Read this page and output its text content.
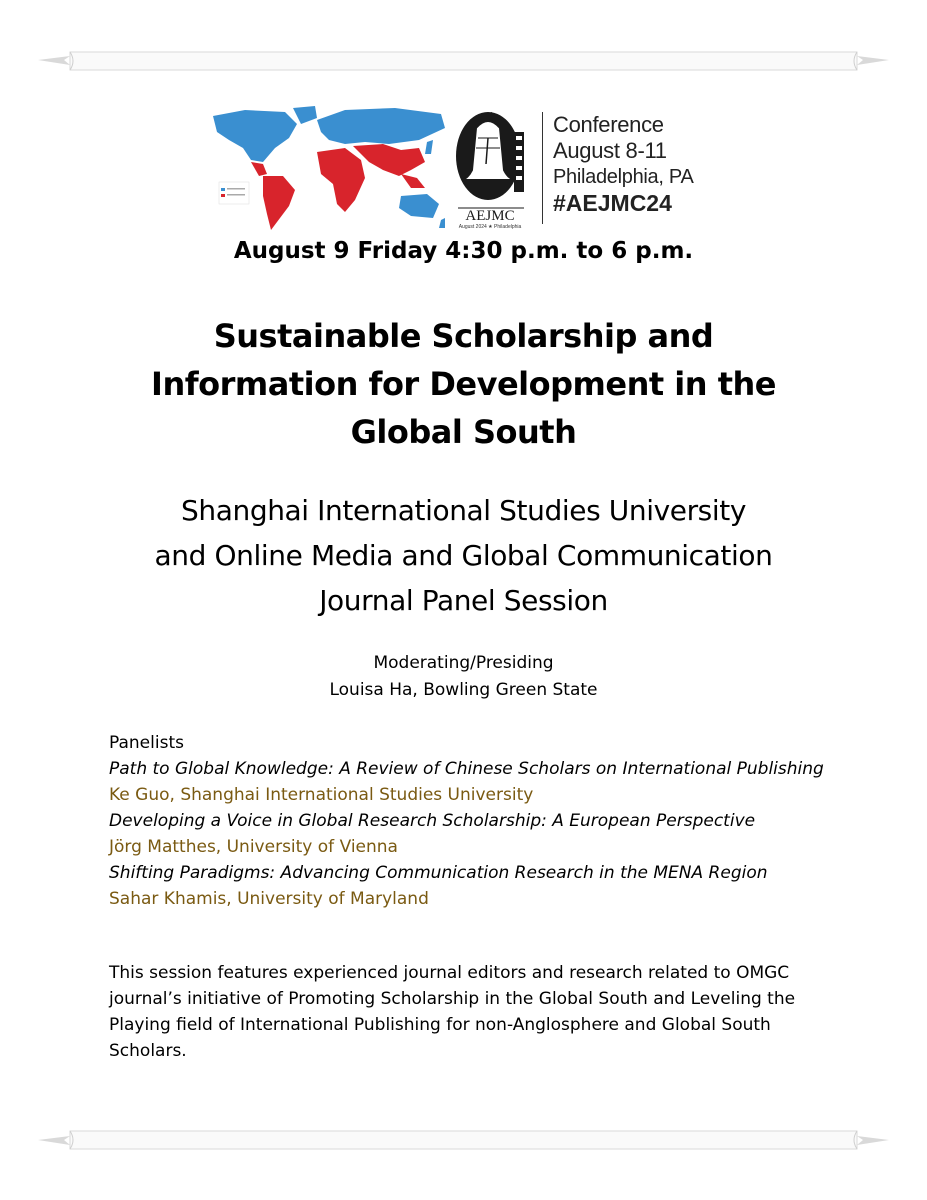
AEJMC
August 2024 ★ Philadelphia
Conference
August 8-11
Philadelphia, PA
#AEJMC24
August 9 Friday 4:30 p.m. to 6 p.m.
Sustainable Scholarship and
Information for Development in the
Global South
Shanghai International Studies University
and Online Media and Global Communication
Journal Panel Session
Moderating/Presiding
Louisa Ha, Bowling Green State
Panelists
Path to Global Knowledge: A Review of Chinese Scholars on International Publishing
Ke Guo, Shanghai International Studies University
Developing a Voice in Global Research Scholarship: A European Perspective
Jörg Matthes, University of Vienna
Shifting Paradigms: Advancing Communication Research in the MENA Region
Sahar Khamis, University of Maryland
This session features experienced journal editors and research related to OMGC journal’s initiative of Promoting Scholarship in the Global South and Leveling the Playing field of International Publishing for non-Anglosphere and Global South Scholars.
